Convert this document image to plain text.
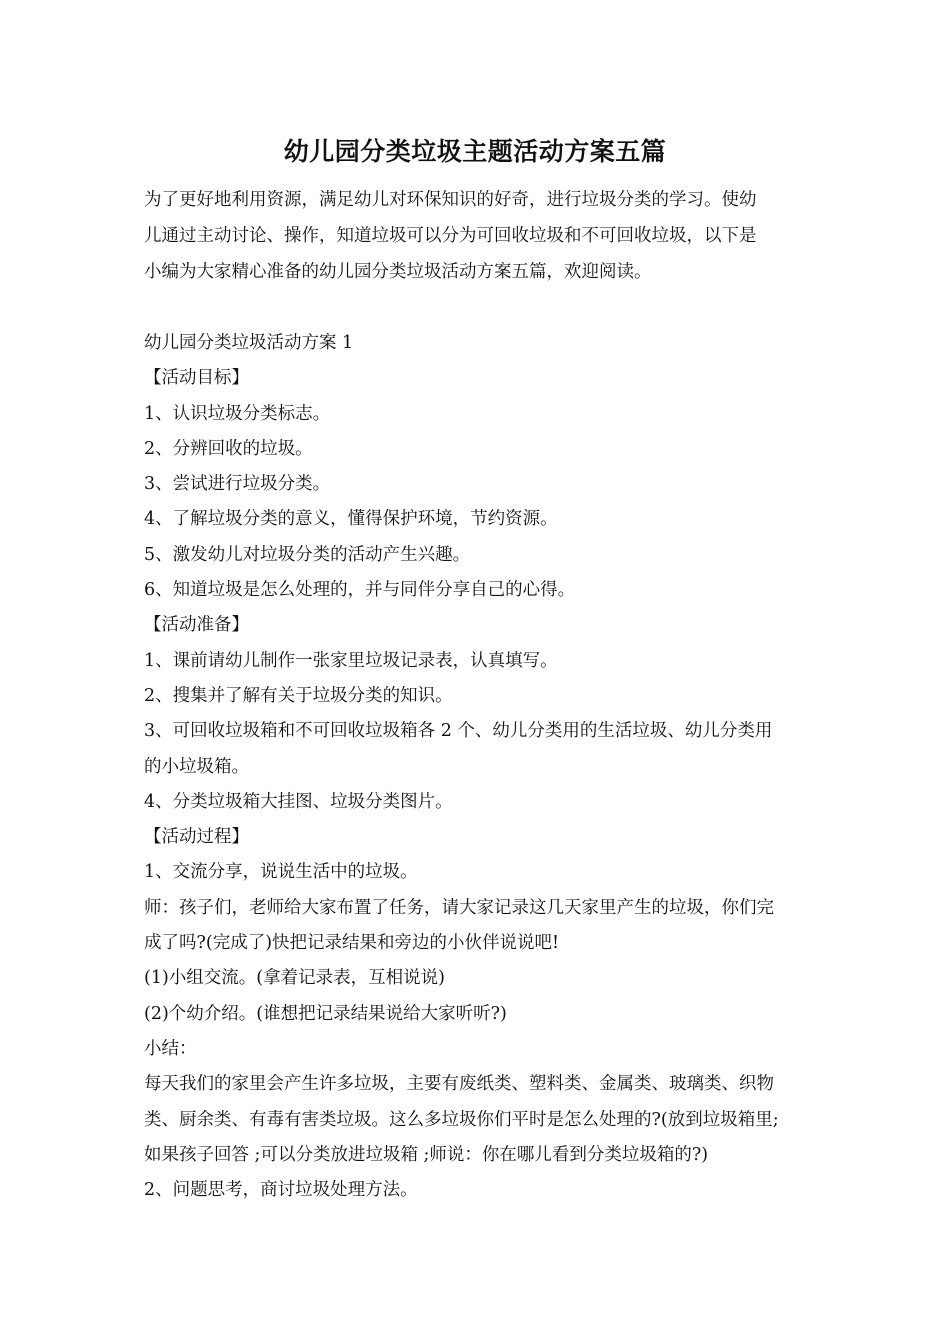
幼儿园分类垃圾主题活动方案五篇

为了更好地利用资源，满足幼儿对环保知识的好奇，进行垃圾分类的学习。使幼

儿通过主动讨论、操作，知道垃圾可以分为可回收垃圾和不可回收垃圾，以下是

小编为大家精心准备的幼儿园分类垃圾活动方案五篇，欢迎阅读。

幼儿园分类垃圾活动方案 1

【活动目标】

1、认识垃圾分类标志。

2、分辨回收的垃圾。

3、尝试进行垃圾分类。

4、了解垃圾分类的意义，懂得保护环境，节约资源。

5、激发幼儿对垃圾分类的活动产生兴趣。

6、知道垃圾是怎么处理的，并与同伴分享自己的心得。

【活动准备】

1、课前请幼儿制作一张家里垃圾记录表，认真填写。

2、搜集并了解有关于垃圾分类的知识。

3、可回收垃圾箱和不可回收垃圾箱各 2 个、幼儿分类用的生活垃圾、幼儿分类用

的小垃圾箱。

4、分类垃圾箱大挂图、垃圾分类图片。

【活动过程】

1、交流分享，说说生活中的垃圾。

师：孩子们，老师给大家布置了任务，请大家记录这几天家里产生的垃圾，你们完

成了吗?(完成了)快把记录结果和旁边的小伙伴说说吧!

(1)小组交流。(拿着记录表，互相说说)

(2)个幼介绍。(谁想把记录结果说给大家听听?)

小结：

每天我们的家里会产生许多垃圾，主要有废纸类、塑料类、金属类、玻璃类、织物

类、厨余类、有毒有害类垃圾。这么多垃圾你们平时是怎么处理的?(放到垃圾箱里;

如果孩子回答 ;可以分类放进垃圾箱 ;师说：你在哪儿看到分类垃圾箱的?)

2、问题思考，商讨垃圾处理方法。
